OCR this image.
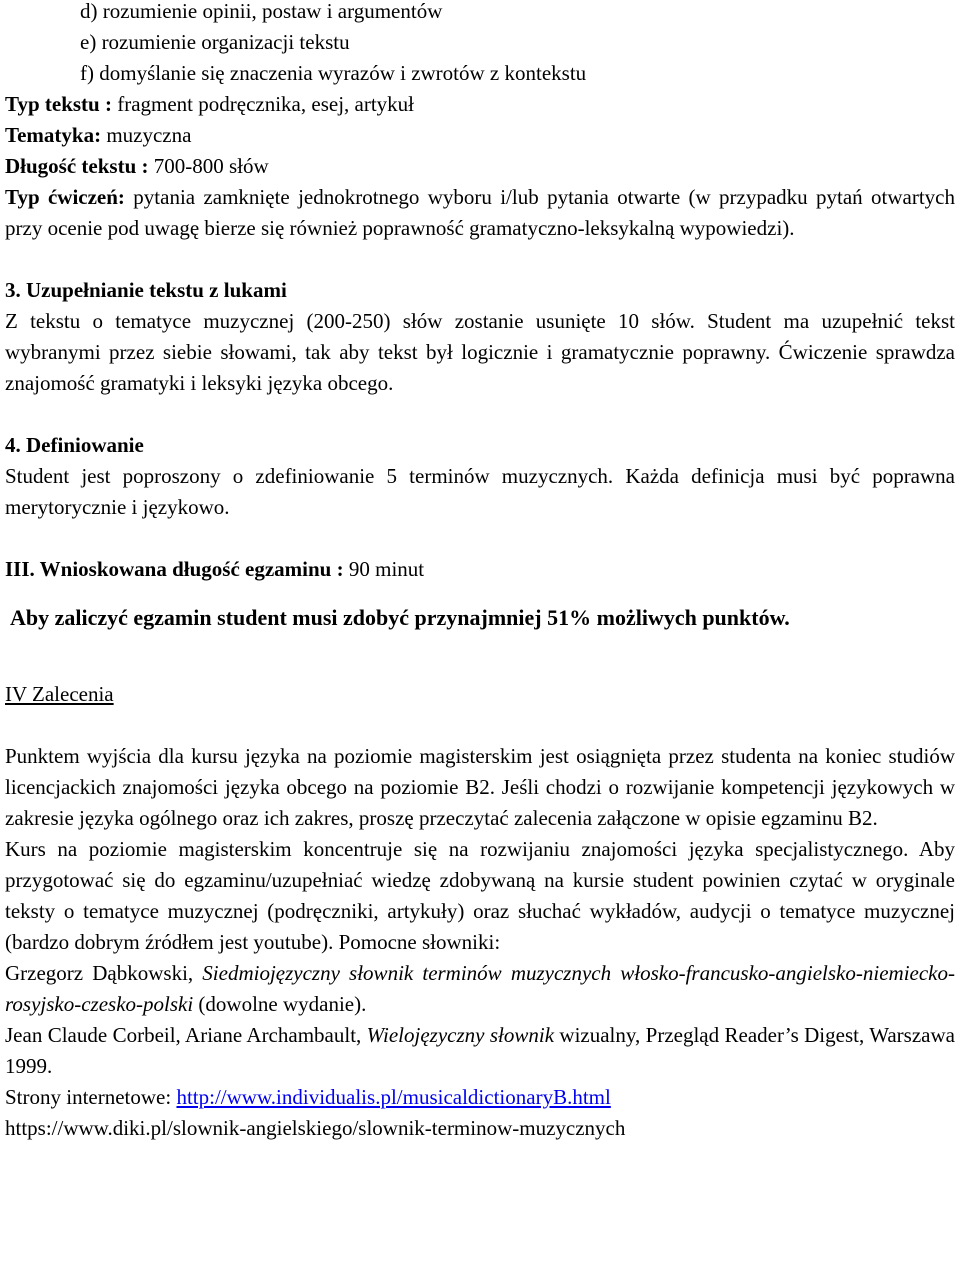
d) rozumienie opinii, postaw i argumentów

e) rozumienie organizacji tekstu

f) domyślanie się znaczenia wyrazów i zwrotów z kontekstu

Typ tekstu : fragment podręcznika, esej, artykuł

Tematyka: muzyczna

Długość tekstu : 700-800 słów

Typ ćwiczeń: pytania zamknięte jednokrotnego wyboru i/lub pytania otwarte (w przypadku pytań otwartych przy ocenie pod uwagę bierze się również poprawność gramatyczno-leksykalną wypowiedzi).

3. Uzupełnianie tekstu z lukami

Z tekstu o tematyce muzycznej (200-250) słów zostanie usunięte 10 słów. Student ma uzupełnić tekst wybranymi przez siebie słowami, tak aby tekst był logicznie i gramatycznie poprawny. Ćwiczenie sprawdza znajomość gramatyki i leksyki języka obcego.

4. Definiowanie

Student jest poproszony o zdefiniowanie 5 terminów muzycznych. Każda definicja musi być poprawna merytorycznie i językowo.

III. Wnioskowana długość egzaminu : 90 minut

Aby zaliczyć egzamin student musi zdobyć przynajmniej 51% możliwych punktów.

IV Zalecenia

Punktem wyjścia dla kursu języka na poziomie magisterskim jest osiągnięta przez studenta na koniec studiów licencjackich znajomości języka obcego na poziomie B2. Jeśli chodzi o rozwijanie kompetencji językowych w zakresie języka ogólnego oraz ich zakres, proszę przeczytać zalecenia załączone w opisie egzaminu B2.

Kurs na poziomie magisterskim koncentruje się na rozwijaniu znajomości języka specjalistycznego. Aby przygotować się do egzaminu/uzupełniać wiedzę zdobywaną na kursie student powinien czytać w oryginale teksty o tematyce muzycznej (podręczniki, artykuły) oraz słuchać wykładów, audycji o tematyce muzycznej (bardzo dobrym źródłem jest youtube). Pomocne słowniki:

Grzegorz Dąbkowski, Siedmiojęzyczny słownik terminów muzycznych włosko-francusko-angielsko-niemiecko-rosyjsko-czesko-polski (dowolne wydanie).

Jean Claude Corbeil, Ariane Archambault, Wielojęzyczny słownik wizualny, Przegląd Reader’s Digest, Warszawa 1999.

Strony internetowe: http://www.individualis.pl/musicaldictionaryB.html

https://www.diki.pl/slownik-angielskiego/slownik-terminow-muzycznych
